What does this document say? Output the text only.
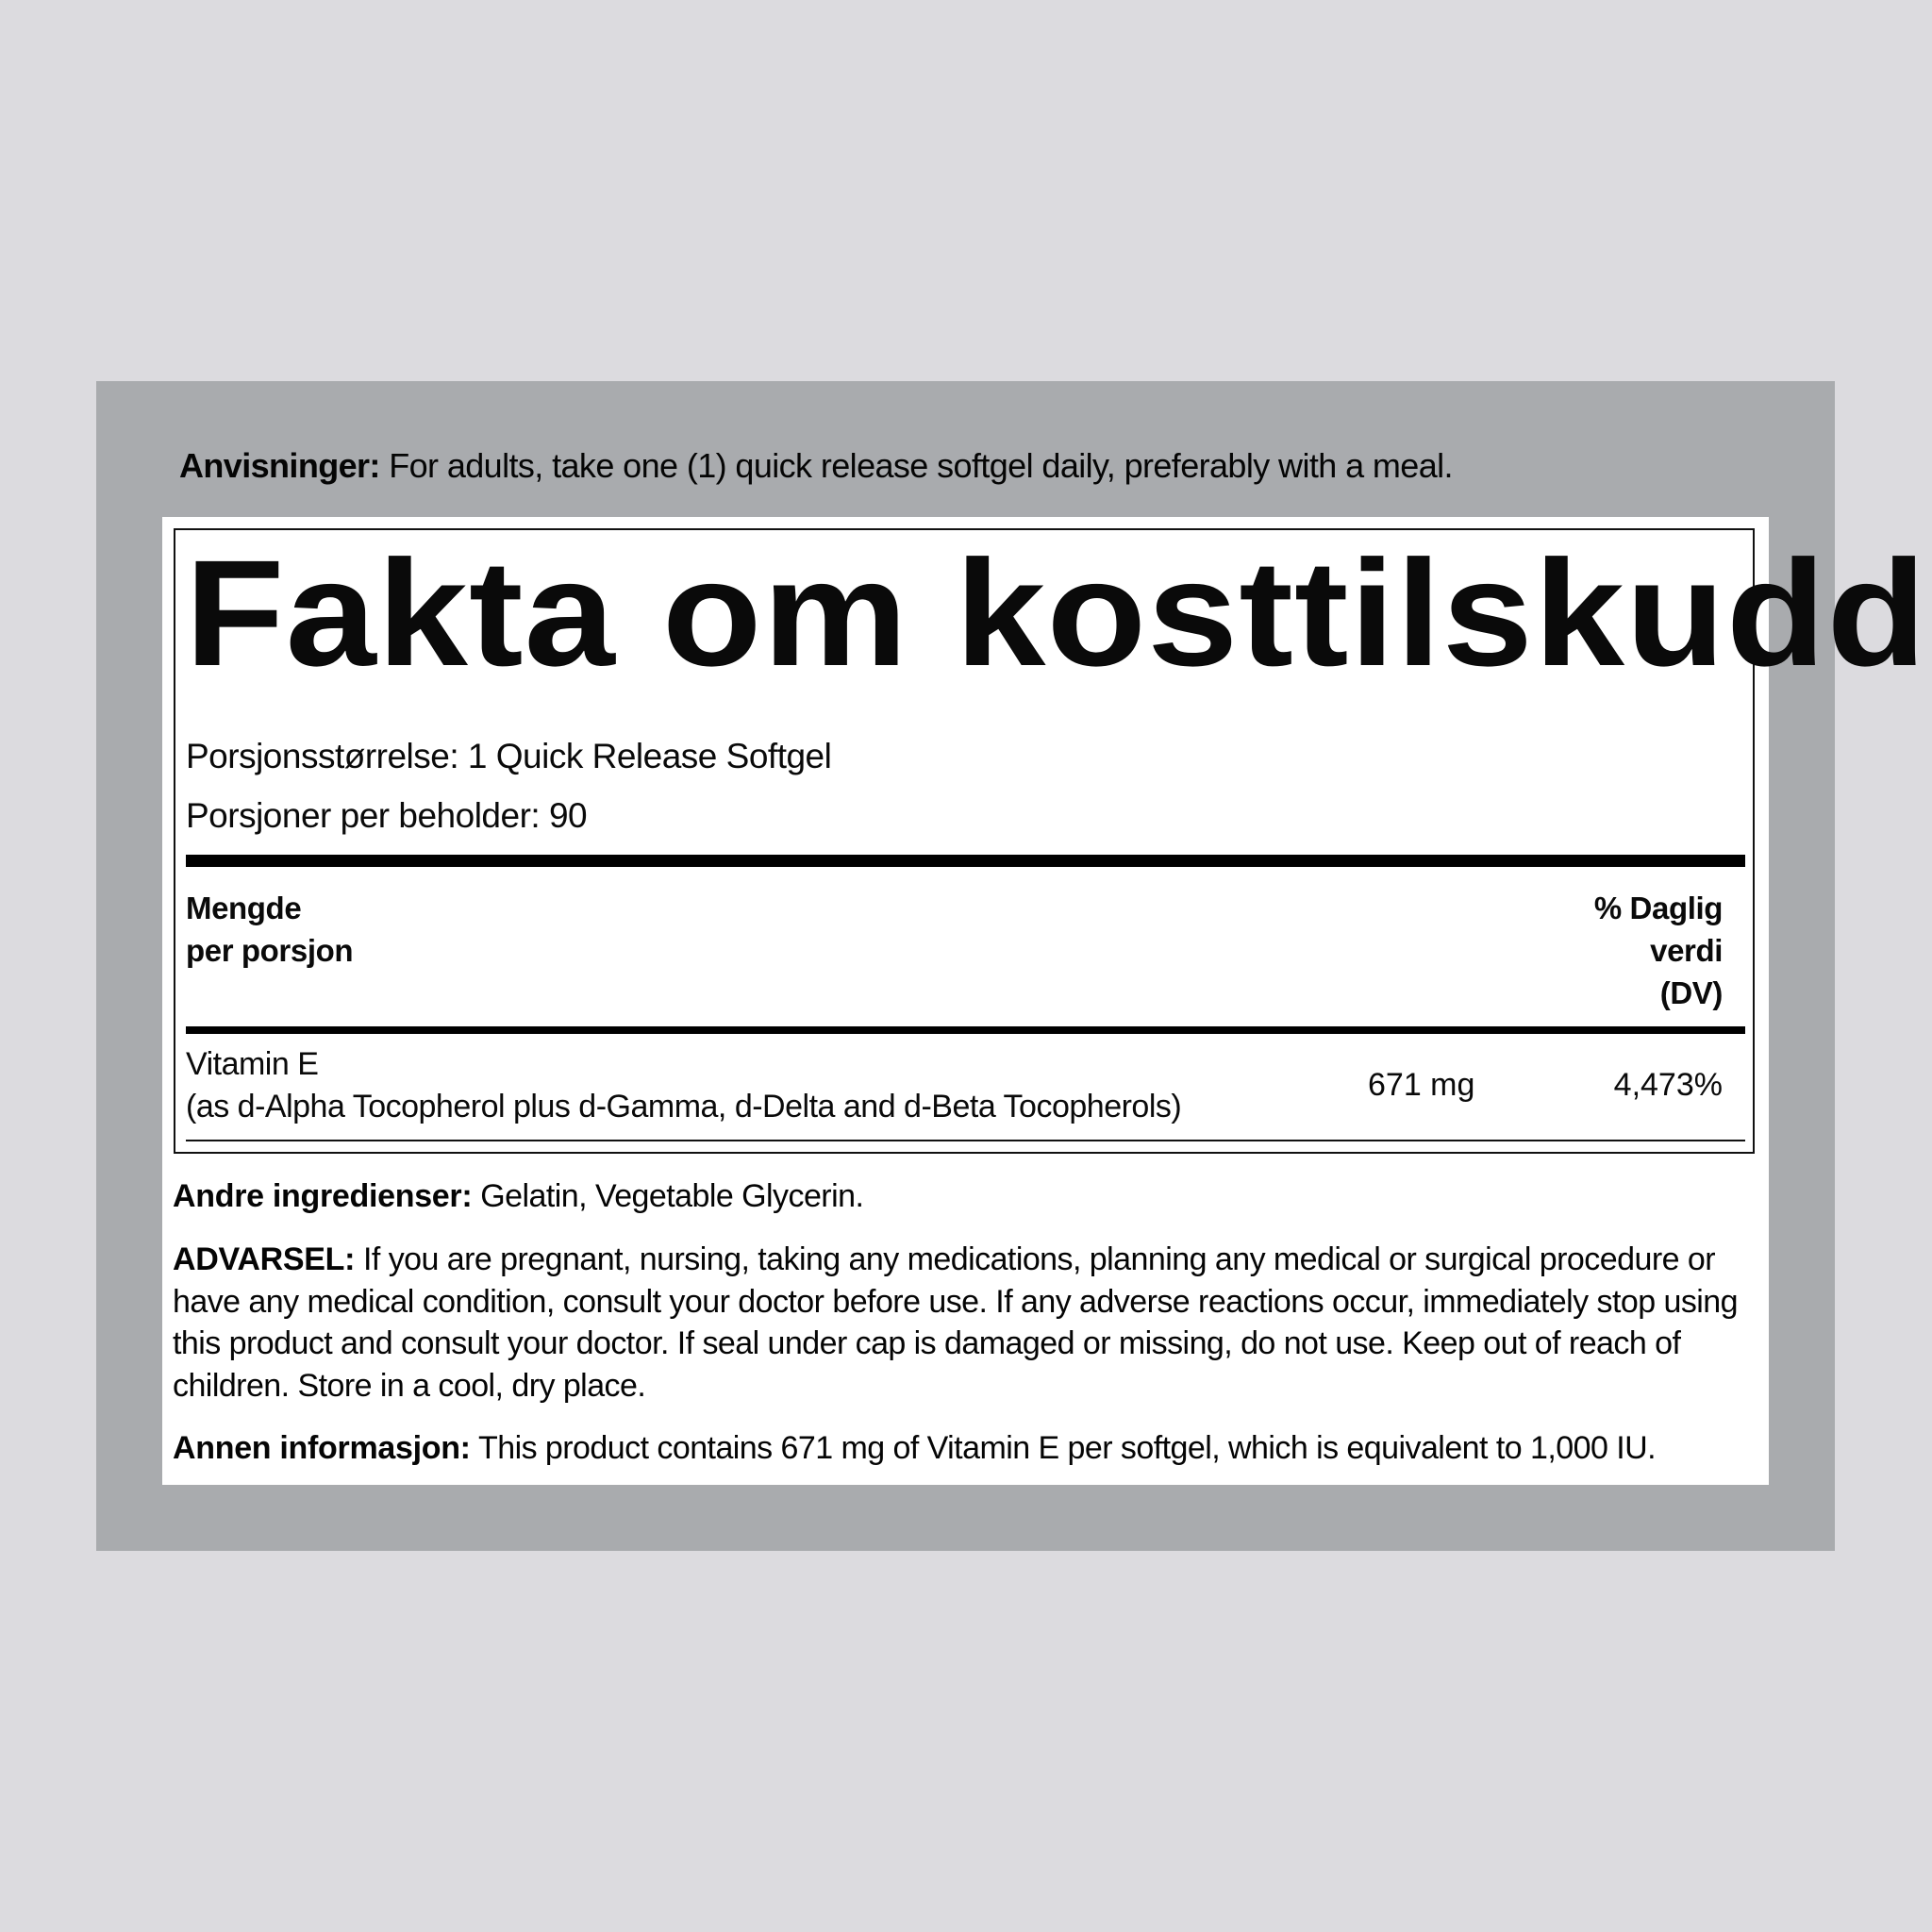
Anvisninger: For adults, take one (1) quick release softgel daily, preferably with a meal.
Fakta om kosttilskudd
Porsjonsstørrelse: 1 Quick Release Softgel
Porsjoner per beholder: 90
Mengde
per porsjon
% Daglig
verdi
(DV)
Vitamin E
(as d-Alpha Tocopherol plus d-Gamma, d-Delta and d-Beta Tocopherols)
671 mg	4,473%
Andre ingredienser: Gelatin, Vegetable Glycerin.
ADVARSEL: If you are pregnant, nursing, taking any medications, planning any medical or surgical procedure or have any medical condition, consult your doctor before use. If any adverse reactions occur, immediately stop using this product and consult your doctor. If seal under cap is damaged or missing, do not use. Keep out of reach of children. Store in a cool, dry place.
Annen informasjon: This product contains 671 mg of Vitamin E per softgel, which is equivalent to 1,000 IU.
